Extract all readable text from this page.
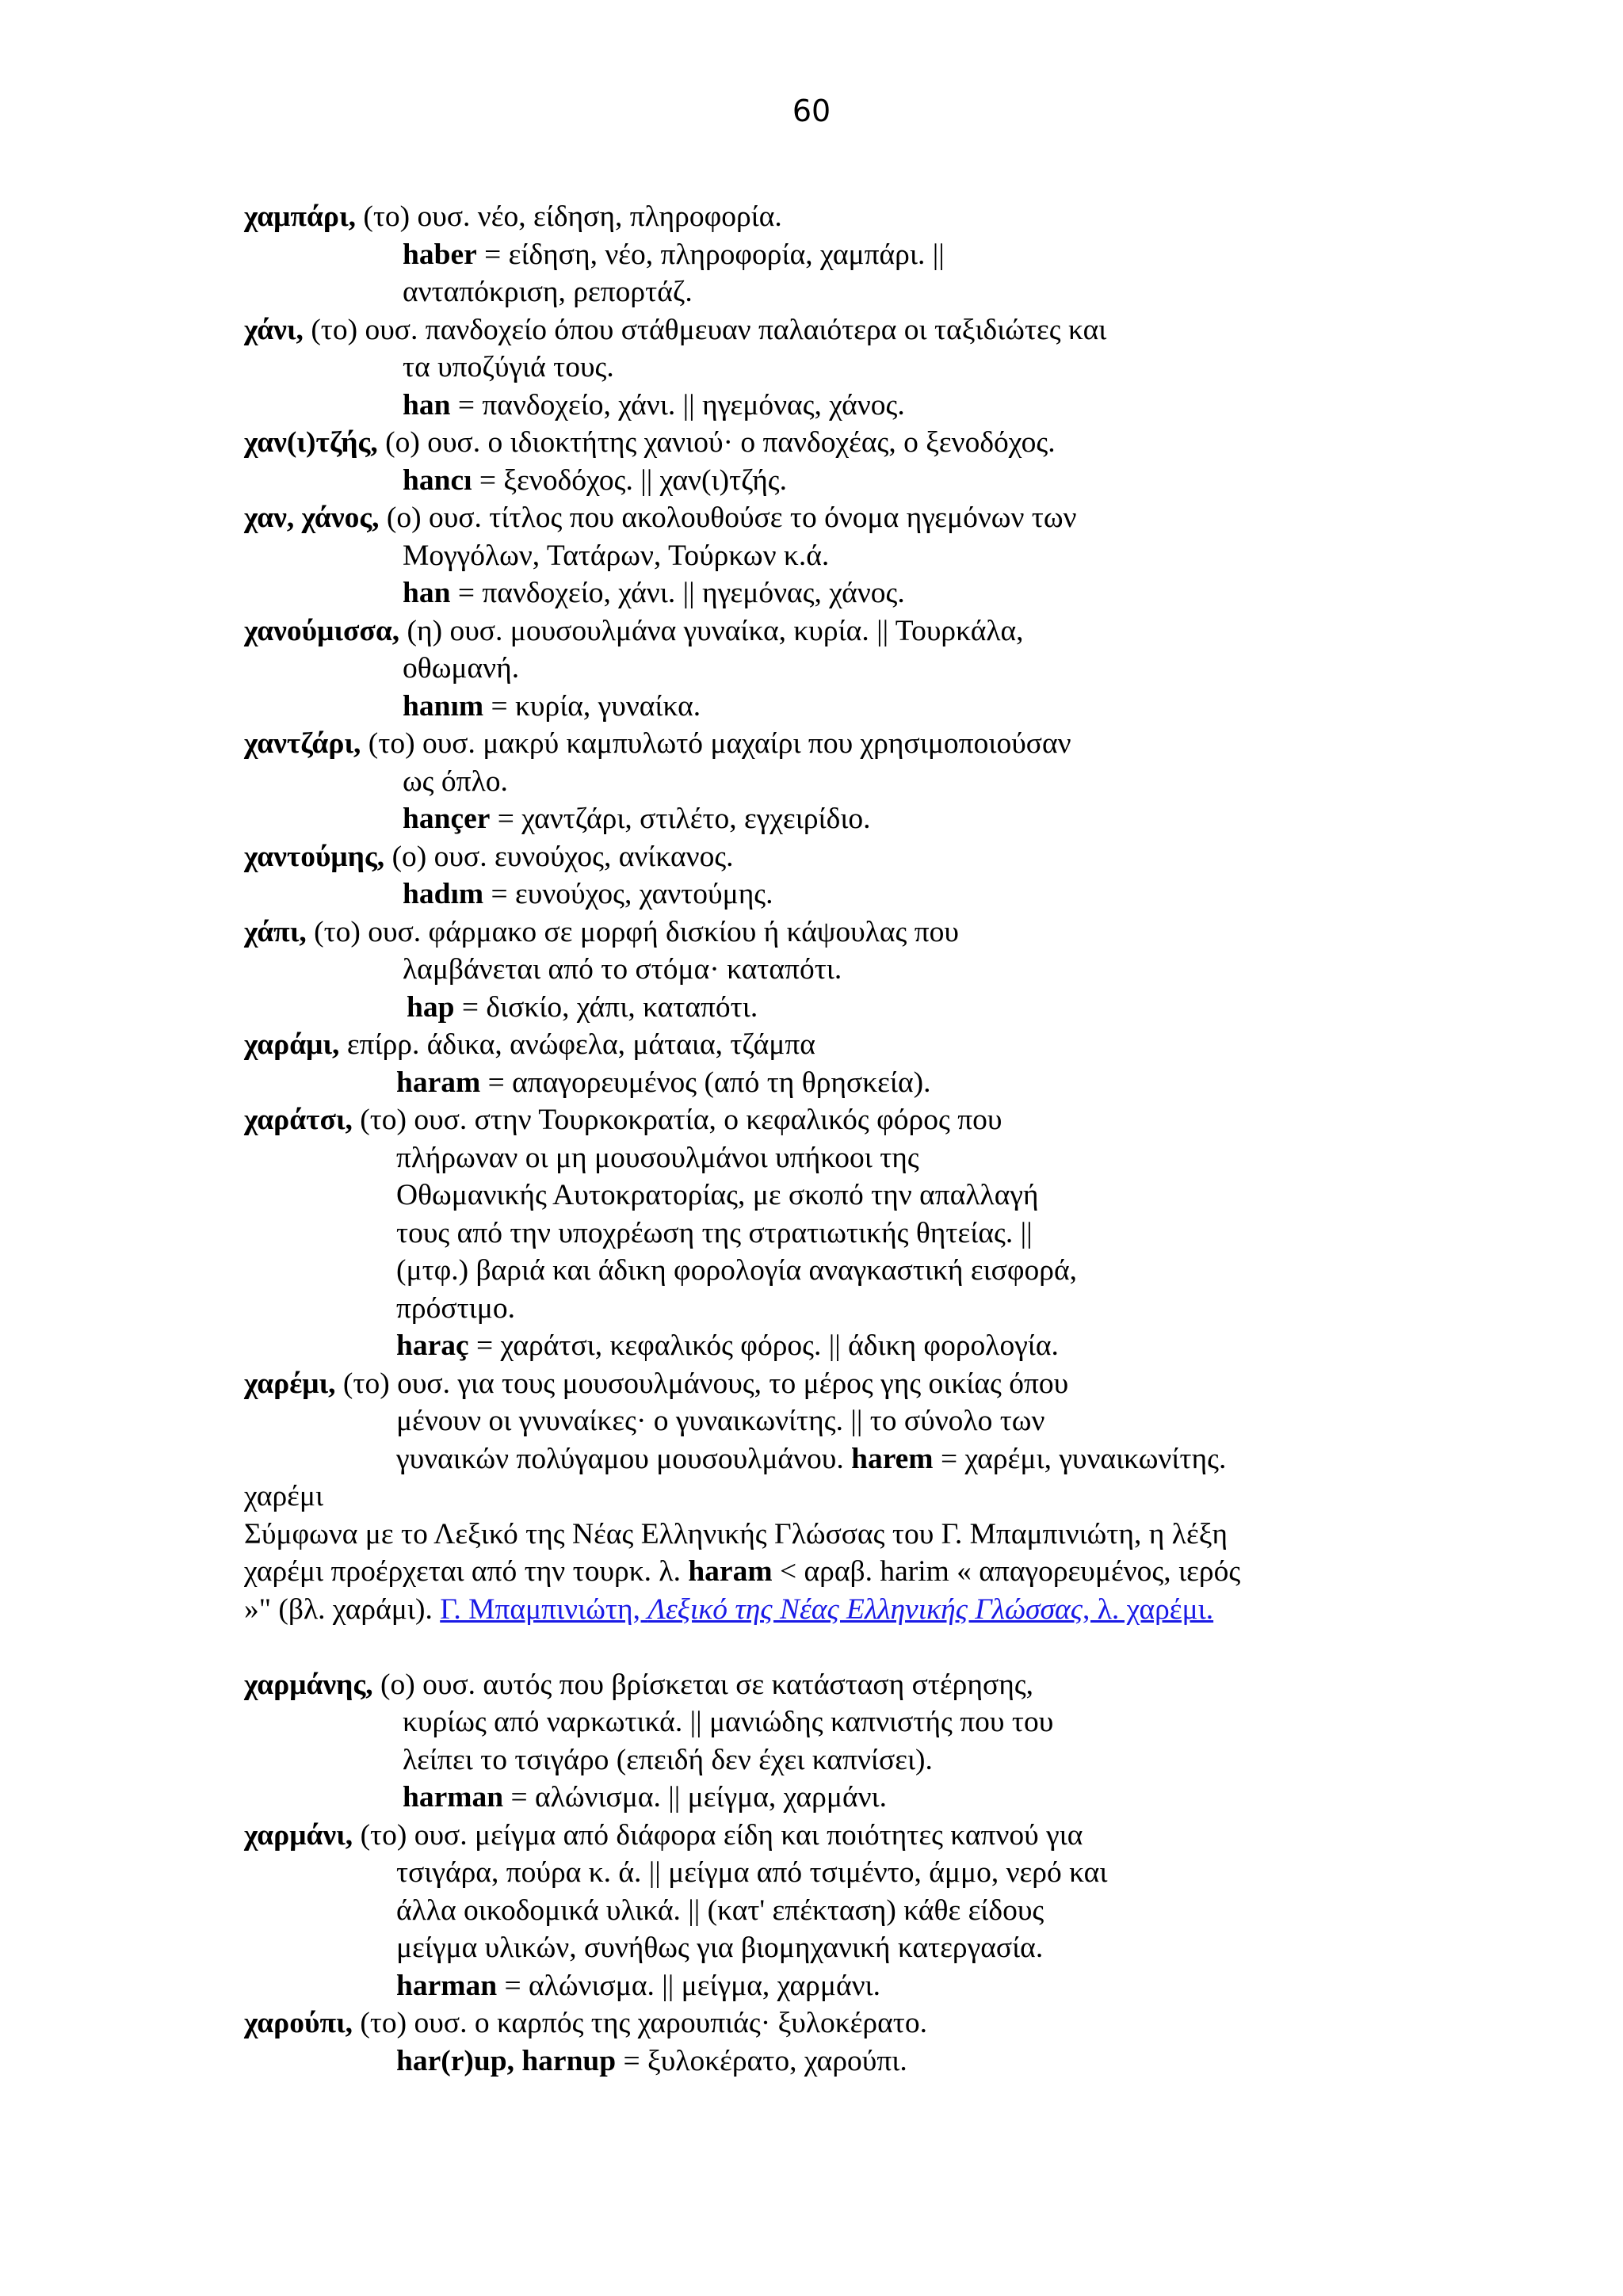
60
χαμπάρι, (το) ουσ. νέο, είδηση, πληροφορία.
haber = είδηση, νέο, πληροφορία, χαμπάρι. ||
ανταπόκριση, ρεπορτάζ.
χάνι, (το) ουσ. πανδοχείο όπου στάθμευαν παλαιότερα οι ταξιδιώτες και
τα υποζύγιά τους.
han = πανδοχείο, χάνι. || ηγεμόνας, χάνος.
χαν(ι)τζής, (ο) ουσ. ο ιδιοκτήτης χανιού· ο πανδοχέας, ο ξενοδόχος.
hancı = ξενοδόχος. || χαν(ι)τζής.
χαν, χάνος, (ο) ουσ. τίτλος που ακολουθούσε το όνομα ηγεμόνων των
Μογγόλων, Τατάρων, Τούρκων κ.ά.
han = πανδοχείο, χάνι. || ηγεμόνας, χάνος.
χανούμισσα, (η) ουσ. μουσουλμάνα γυναίκα, κυρία. || Τουρκάλα,
οθωμανή.
hanım = κυρία, γυναίκα.
χαντζάρι, (το) ουσ. μακρύ καμπυλωτό μαχαίρι που χρησιμοποιούσαν
ως όπλο.
hançer = χαντζάρι, στιλέτο, εγχειρίδιο.
χαντούμης, (ο) ουσ. ευνούχος, ανίκανος.
hadım = ευνούχος, χαντούμης.
χάπι, (το) ουσ. φάρμακο σε μορφή δισκίου ή κάψουλας που
λαμβάνεται από το στόμα· καταπότι.
hap = δισκίο, χάπι, καταπότι.
χαράμι, επίρρ. άδικα, ανώφελα, μάταια, τζάμπα
haram = απαγορευμένος (από τη θρησκεία).
χαράτσι, (το) ουσ. στην Τουρκοκρατία, ο κεφαλικός φόρος που
πλήρωναν οι μη μουσουλμάνοι υπήκοοι της
Οθωμανικής Αυτοκρατορίας, με σκοπό την απαλλαγή
τους από την υποχρέωση της στρατιωτικής θητείας. ||
(μτφ.) βαριά και άδικη φορολογία αναγκαστική εισφορά,
πρόστιμο.
haraç = χαράτσι, κεφαλικός φόρος. || άδικη φορολογία.
χαρέμι, (το) ουσ. για τους μουσουλμάνους, το μέρος γης οικίας όπου
μένουν οι γνυναίκες· ο γυναικωνίτης. || το σύνολο των
γυναικών πολύγαμου μουσουλμάνου. harem = χαρέμι, γυναικωνίτης.
χαρέμι
Σύμφωνα με το Λεξικό της Νέας Ελληνικής Γλώσσας του Γ. Μπαμπινιώτη, η λέξη
χαρέμι προέρχεται από την τουρκ. λ. haram < αραβ. harim « απαγορευμένος, ιερός
»" (βλ. χαράμι). Γ. Μπαμπινιώτη, Λεξικό της Νέας Ελληνικής Γλώσσας, λ. χαρέμι.
χαρμάνης, (ο) ουσ. αυτός που βρίσκεται σε κατάσταση στέρησης,
κυρίως από ναρκωτικά. || μανιώδης καπνιστής που του
λείπει το τσιγάρο (επειδή δεν έχει καπνίσει).
harman = αλώνισμα. || μείγμα, χαρμάνι.
χαρμάνι, (το) ουσ. μείγμα από διάφορα είδη και ποιότητες καπνού για
τσιγάρα, πούρα κ. ά. || μείγμα από τσιμέντο, άμμο, νερό και
άλλα οικοδομικά υλικά. || (κατ' επέκταση) κάθε είδους
μείγμα υλικών, συνήθως για βιομηχανική κατεργασία.
harman = αλώνισμα. || μείγμα, χαρμάνι.
χαρούπι, (το) ουσ. ο καρπός της χαρουπιάς· ξυλοκέρατο.
har(r)up, harnup = ξυλοκέρατο, χαρούπι.
